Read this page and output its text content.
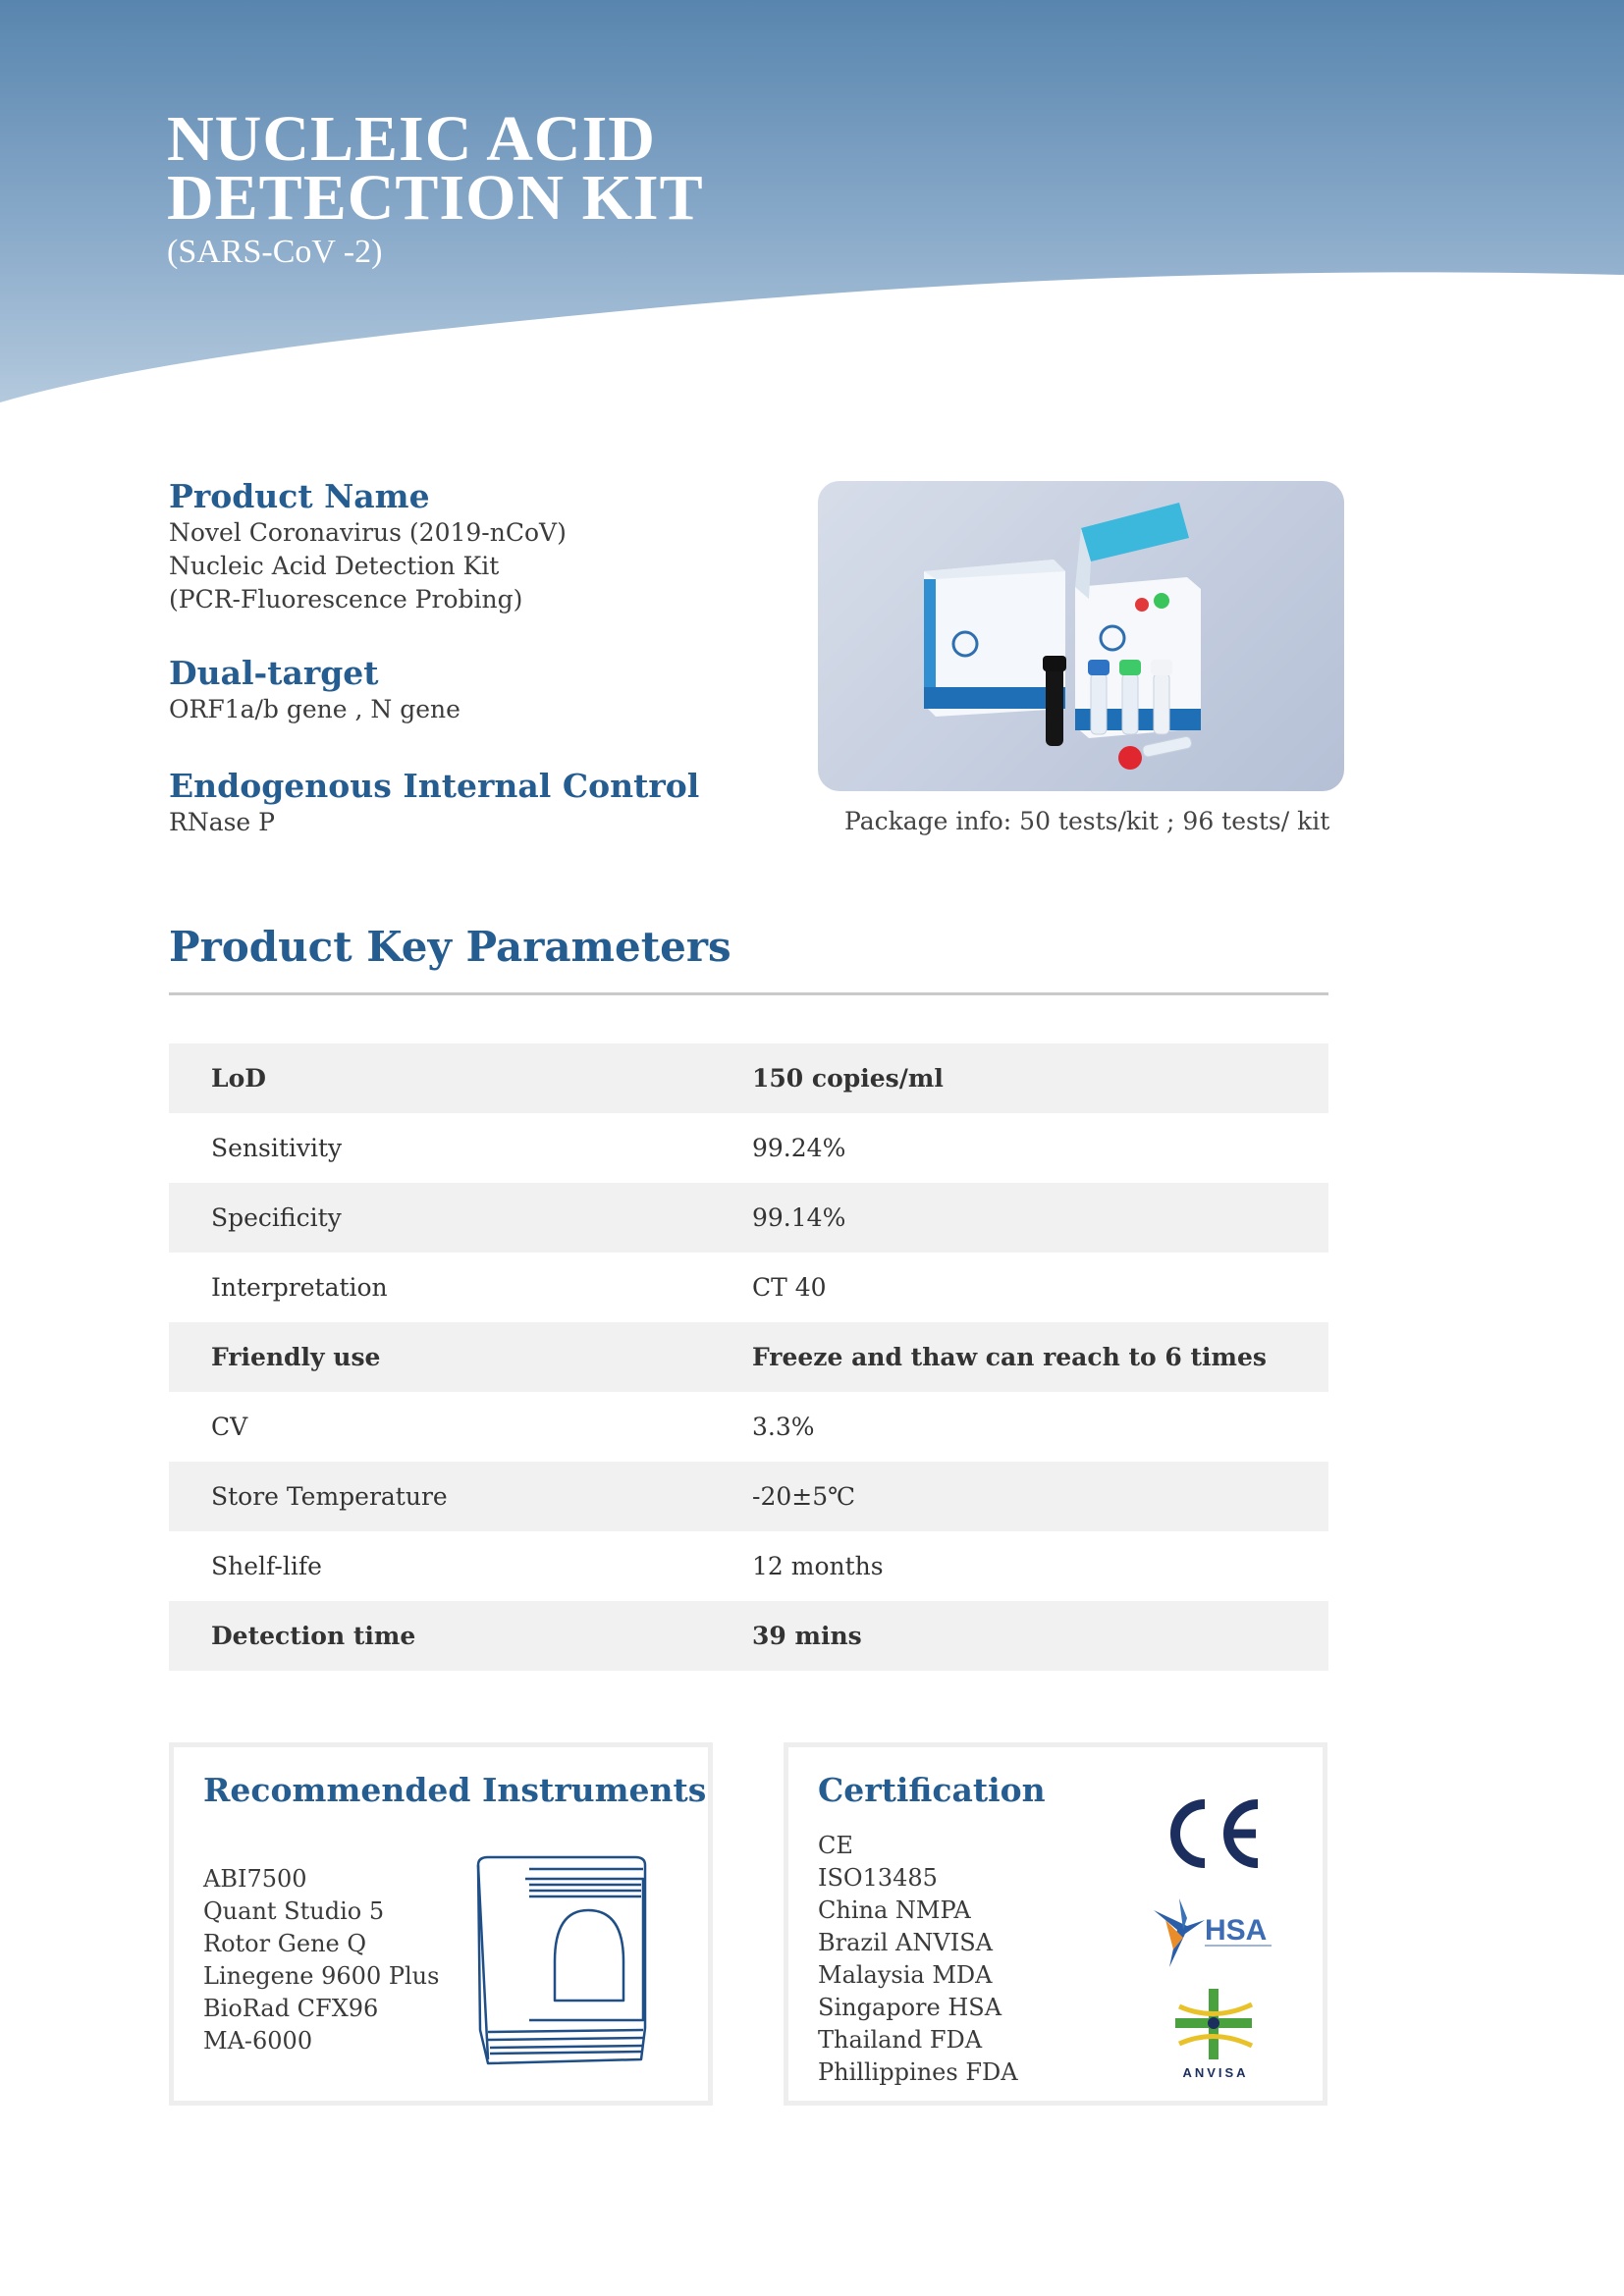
NUCLEIC ACID
DETECTION KIT
(SARS-CoV -2)
Product Name
Novel Coronavirus (2019-nCoV)
Nucleic Acid Detection Kit
(PCR-Fluorescence Probing)
Dual-target
ORF1a/b gene , N gene
Endogenous Internal Control
RNase P	Package info: 50 tests/kit ; 96 tests/ kit
Product Key Parameters
LoD	150 copies/ml
Sensitivity	99.24%
Specificity	99.14%
Interpretation	CT 40
Friendly use	Freeze and thaw can reach to 6 times
CV	3.3%
Store Temperature	-20±5℃
Shelf-life	12 months
Detection time	39 mins
Recommended Instruments
ABI7500
Quant Studio 5
Rotor Gene Q
Linegene 9600 Plus
BioRad CFX96
MA-6000
Certification
CE
ISO13485
China NMPA
Brazil ANVISA
Malaysia MDA
Singapore HSA
Thailand FDA
Phillippines FDA
HSA
ANVISA
